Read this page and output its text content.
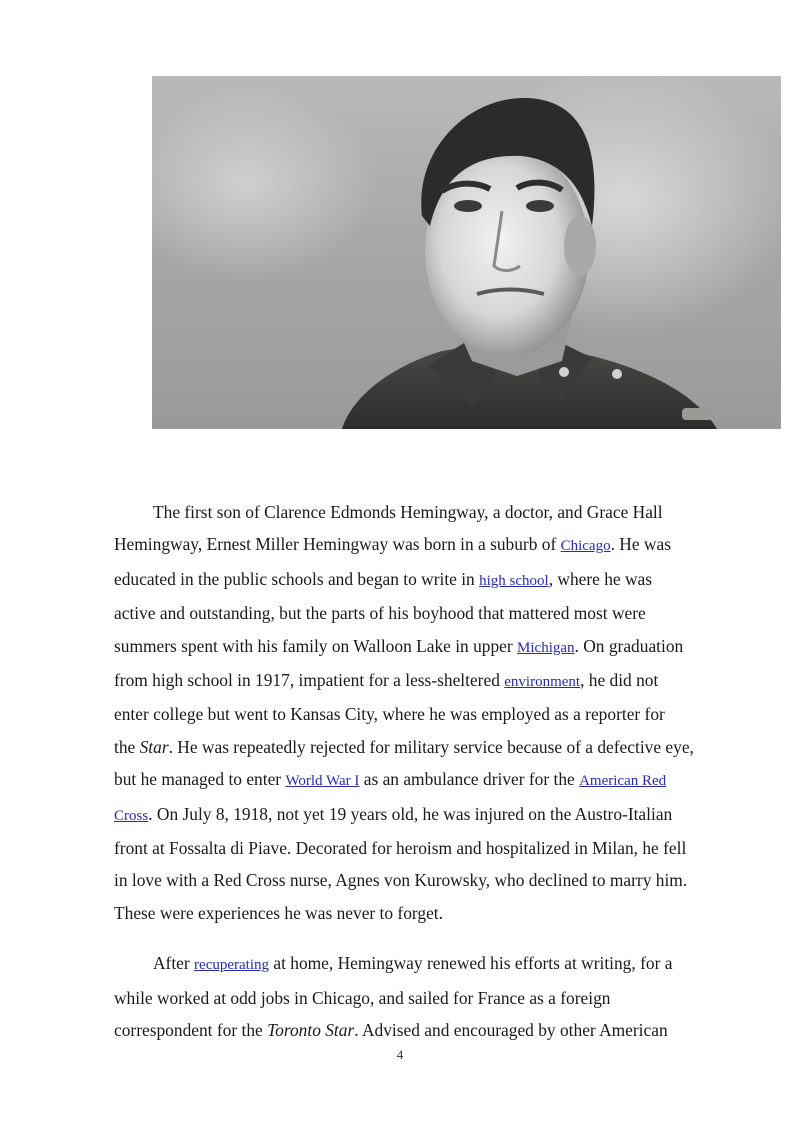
The first son of Clarence Edmonds Hemingway, a doctor, and Grace Hall
Hemingway, Ernest Miller Hemingway was born in a suburb of Chicago. He was
educated in the public schools and began to write in high school, where he was
active and outstanding, but the parts of his boyhood that mattered most were
summers spent with his family on Walloon Lake in upper Michigan. On graduation
from high school in 1917, impatient for a less-sheltered environment, he did not
enter college but went to Kansas City, where he was employed as a reporter for
the Star. He was repeatedly rejected for military service because of a defective eye,
but he managed to enter World War I as an ambulance driver for the American Red
Cross. On July 8, 1918, not yet 19 years old, he was injured on the Austro-Italian
front at Fossalta di Piave. Decorated for heroism and hospitalized in Milan, he fell
in love with a Red Cross nurse, Agnes von Kurowsky, who declined to marry him.
These were experiences he was never to forget.
After recuperating at home, Hemingway renewed his efforts at writing, for a
while worked at odd jobs in Chicago, and sailed for France as a foreign
correspondent for the Toronto Star. Advised and encouraged by other American
4
